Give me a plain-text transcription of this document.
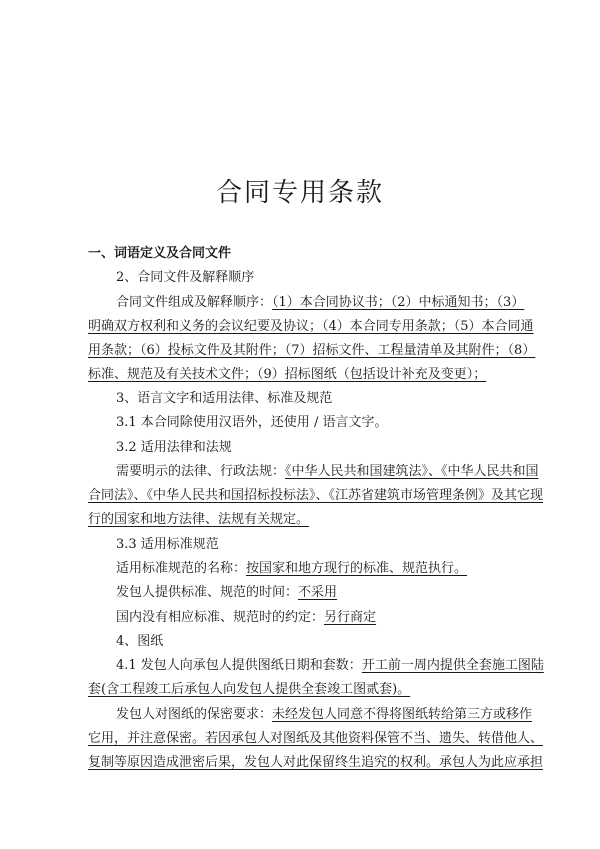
合同专用条款
一、词语定义及合同文件
2、合同文件及解释顺序
合同文件组成及解释顺序：（1）本合同协议书；（2）中标通知书；（3）
明确双方权利和义务的会议纪要及协议；（4）本合同专用条款；（5）本合同通
用条款；（6）投标文件及其附件；（7）招标文件、工程量清单及其附件；（8）
标准、规范及有关技术文件；（9）招标图纸（包括设计补充及变更）；
3、语言文字和适用法律、标准及规范
3.1 本合同除使用汉语外，还使用 / 语言文字。
3.2 适用法律和法规
需要明示的法律、行政法规：《中华人民共和国建筑法》、《中华人民共和国
合同法》、《中华人民共和国招标投标法》、《江苏省建筑市场管理条例》及其它现
行的国家和地方法律、法规有关规定。
3.3 适用标准规范
适用标准规范的名称：按国家和地方现行的标准、规范执行。
发包人提供标准、规范的时间：不采用
国内没有相应标准、规范时的约定：另行商定
4、图纸
4.1 发包人向承包人提供图纸日期和套数：开工前一周内提供全套施工图陆
套(含工程竣工后承包人向发包人提供全套竣工图贰套)。
发包人对图纸的保密要求：未经发包人同意不得将图纸转给第三方或移作
它用，并注意保密。若因承包人对图纸及其他资料保管不当、遗失、转借他人、
复制等原因造成泄密后果，发包人对此保留终生追究的权利。承包人为此应承担
